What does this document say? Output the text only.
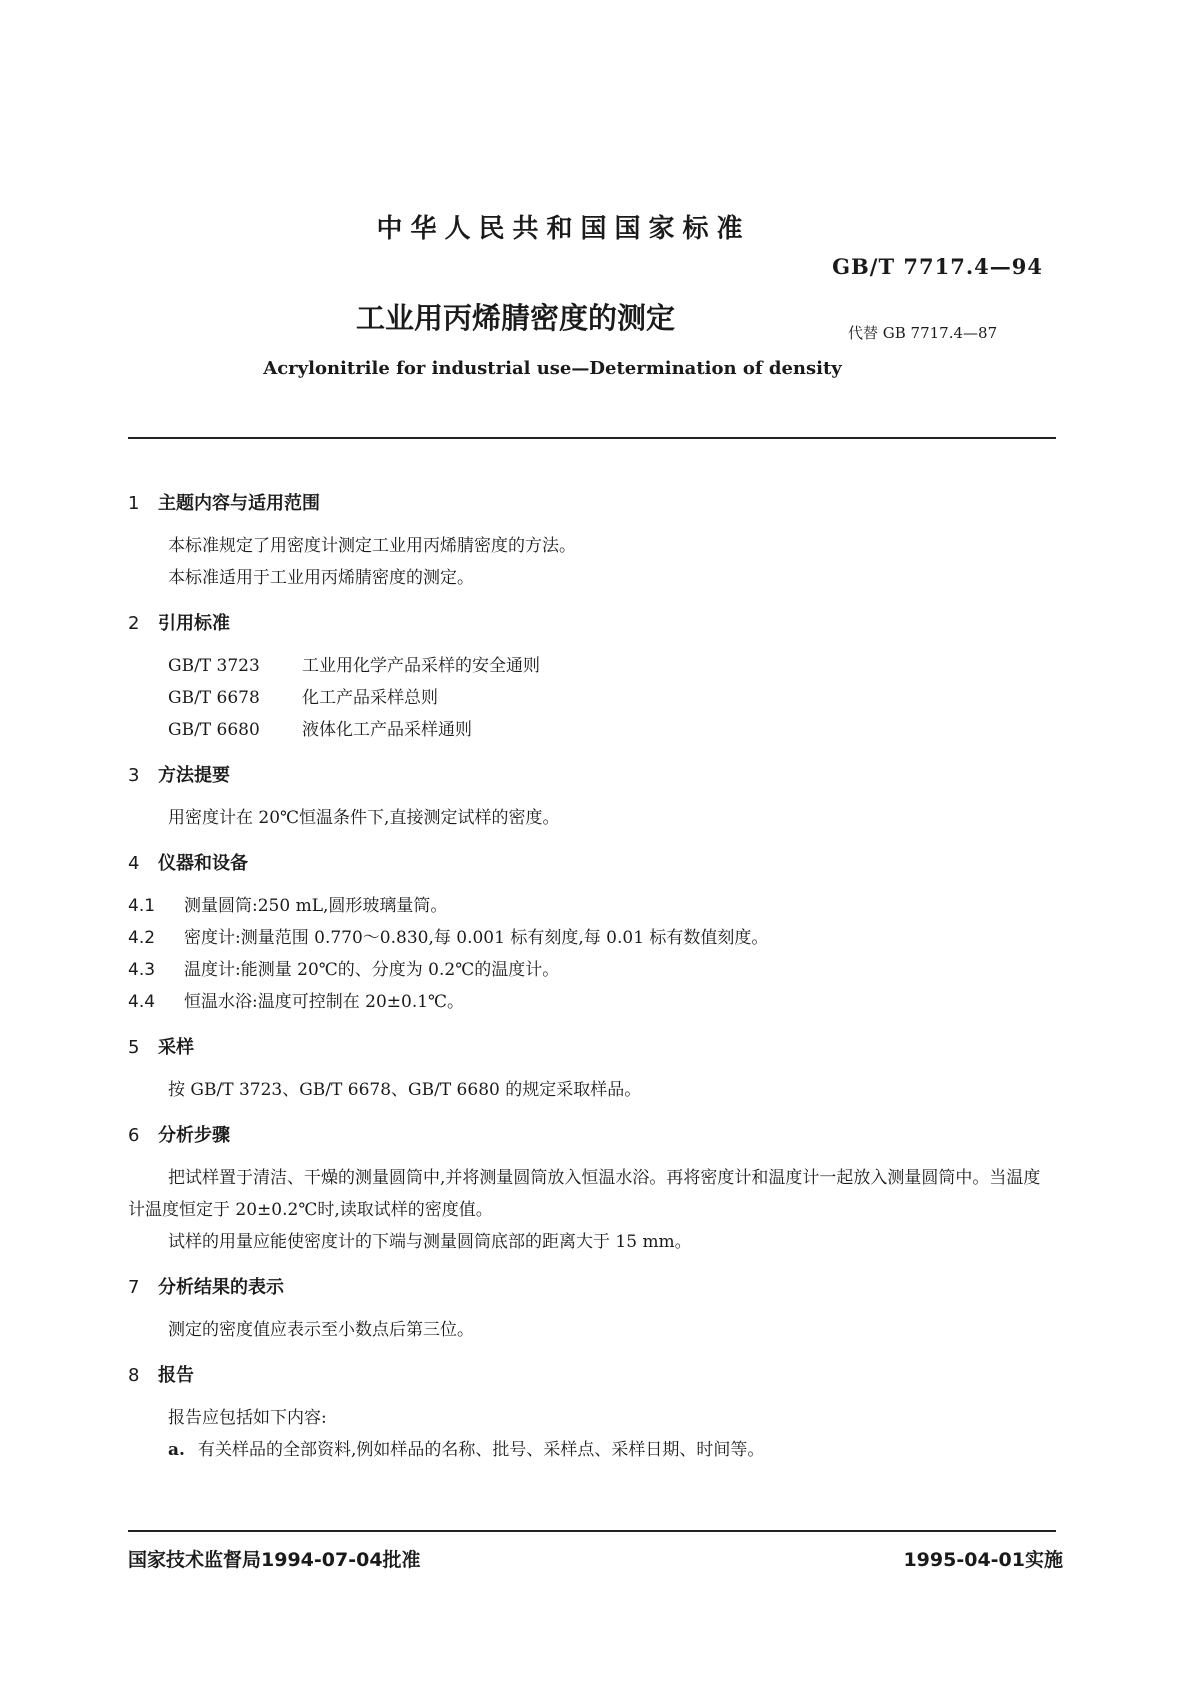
中华人民共和国国家标准
GB/T 7717.4—94
工业用丙烯腈密度的测定	代替 GB 7717.4—87
Acrylonitrile for industrial use—Determination of density
1 主题内容与适用范围
本标准规定了用密度计测定工业用丙烯腈密度的方法。
本标准适用于工业用丙烯腈密度的测定。
2 引用标准
GB/T 3723 工业用化学产品采样的安全通则
GB/T 6678 化工产品采样总则
GB/T 6680 液体化工产品采样通则
3 方法提要
用密度计在 20℃恒温条件下,直接测定试样的密度。
4 仪器和设备
4.1 测量圆筒:250 mL,圆形玻璃量筒。
4.2 密度计:测量范围 0.770～0.830,每 0.001 标有刻度,每 0.01 标有数值刻度。
4.3 温度计:能测量 20℃的、分度为 0.2℃的温度计。
4.4 恒温水浴:温度可控制在 20±0.1℃。
5 采样
按 GB/T 3723、GB/T 6678、GB/T 6680 的规定采取样品。
6 分析步骤
把试样置于清洁、干燥的测量圆筒中,并将测量圆筒放入恒温水浴。再将密度计和温度计一起放入测量圆筒中。当温度计温度恒定于 20±0.2℃时,读取试样的密度值。
试样的用量应能使密度计的下端与测量圆筒底部的距离大于 15 mm。
7 分析结果的表示
测定的密度值应表示至小数点后第三位。
8 报告
报告应包括如下内容:
a. 有关样品的全部资料,例如样品的名称、批号、采样点、采样日期、时间等。
国家技术监督局1994-07-04批准	1995-04-01实施
